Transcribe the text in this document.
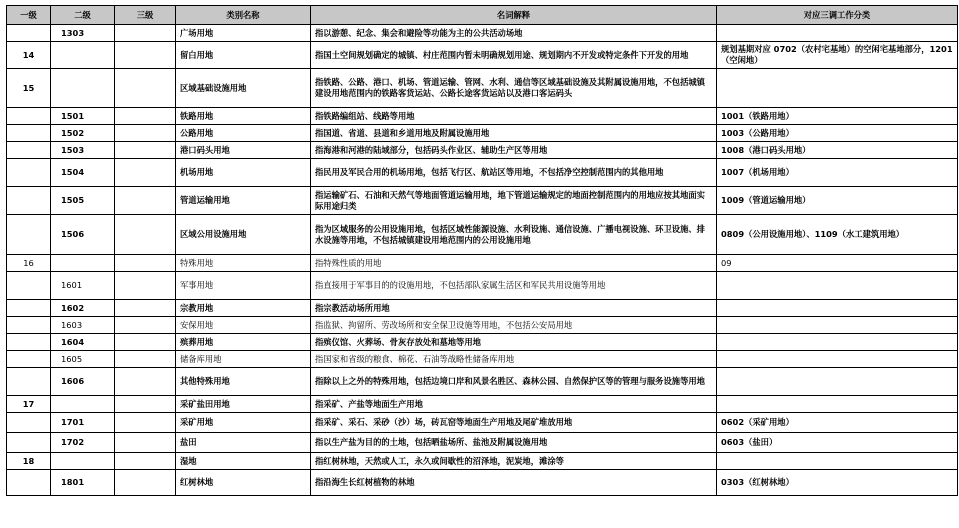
一级	二级	三级	类别名称	名词解释	对应三调工作分类
	1303		广场用地	指以游憩、纪念、集会和避险等功能为主的公共活动场地	
14			留白用地	指国土空间规划确定的城镇、村庄范围内暂未明确规划用途、规划期内不开发或特定条件下开发的用地	规划基期对应 0702（农村宅基地）的空闲宅基地部分，1201（空闲地）
15			区域基础设施用地	指铁路、公路、港口、机场、管道运输、管网、水利、通信等区域基础设施及其附属设施用地，不包括城镇建设用地范围内的铁路客货运站、公路长途客货运站以及港口客运码头	
	1501		铁路用地	指铁路编组站、线路等用地	1001（铁路用地）
	1502		公路用地	指国道、省道、县道和乡道用地及附属设施用地	1003（公路用地）
	1503		港口码头用地	指海港和河港的陆域部分，包括码头作业区、辅助生产区等用地	1008（港口码头用地）
	1504		机场用地	指民用及军民合用的机场用地，包括飞行区、航站区等用地，不包括净空控制范围内的其他用地	1007（机场用地）
	1505		管道运输用地	指运输矿石、石油和天然气等地面管道运输用地，地下管道运输规定的地面控制范围内的用地应按其地面实际用途归类	1009（管道运输用地）
	1506		区域公用设施用地	指为区域服务的公用设施用地，包括区域性能源设施、水利设施、通信设施、广播电视设施、环卫设施、排水设施等用地，不包括城镇建设用地范围内的公用设施用地	0809（公用设施用地）、1109（水工建筑用地）
16			特殊用地	指特殊性质的用地	09
	1601		军事用地	指直接用于军事目的的设施用地，不包括部队家属生活区和军民共用设施等用地	
	1602		宗教用地	指宗教活动场所用地	
	1603		安保用地	指监狱、拘留所、劳改场所和安全保卫设施等用地，不包括公安局用地	
	1604		殡葬用地	指殡仪馆、火葬场、骨灰存放处和墓地等用地	
	1605		储备库用地	指国家和省级的粮食、棉花、石油等战略性储备库用地	
	1606		其他特殊用地	指除以上之外的特殊用地，包括边境口岸和风景名胜区、森林公园、自然保护区等的管理与服务设施等用地	
17			采矿盐田用地	指采矿、产盐等地面生产用地	
	1701		采矿用地	指采矿、采石、采砂（沙）场，砖瓦窑等地面生产用地及尾矿堆放用地	0602（采矿用地）
	1702		盐田	指以生产盐为目的的土地，包括晒盐场所、盐池及附属设施用地	0603（盐田）
18			湿地	指红树林地，天然或人工，永久或间歇性的沼泽地，泥炭地，滩涂等	
	1801		红树林地	指沿海生长红树植物的林地	0303（红树林地）
